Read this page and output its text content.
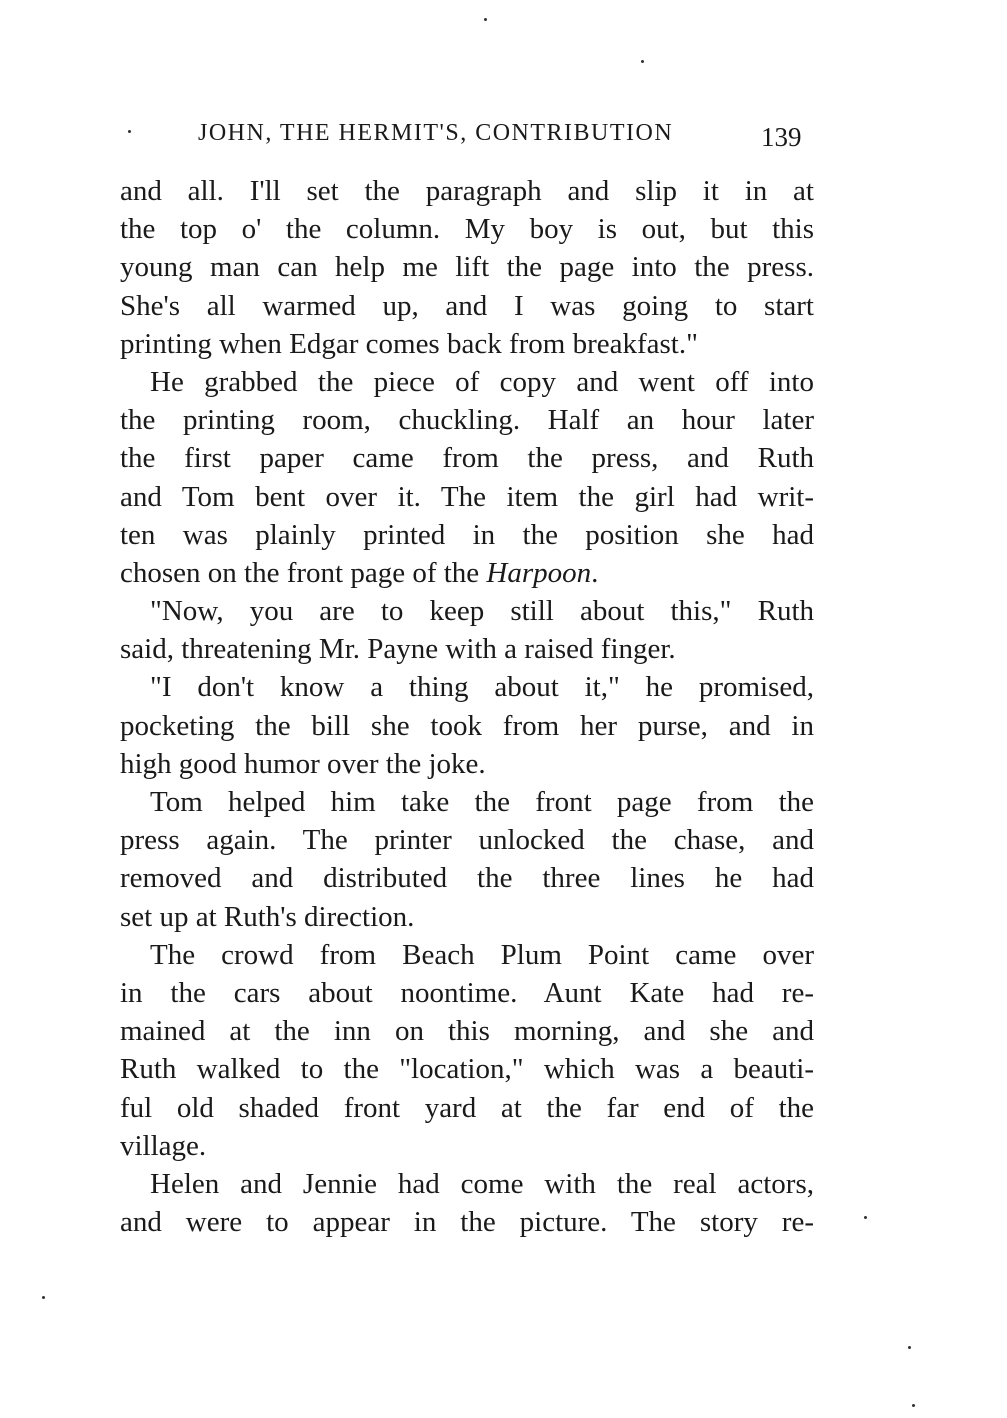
JOHN, THE HERMIT'S, CONTRIBUTION	139
and all. I'll set the paragraph and slip it in at
the top o' the column. My boy is out, but this
young man can help me lift the page into the press.
She's all warmed up, and I was going to start
printing when Edgar comes back from breakfast."
He grabbed the piece of copy and went off into
the printing room, chuckling. Half an hour later
the first paper came from the press, and Ruth
and Tom bent over it. The item the girl had writ-
ten was plainly printed in the position she had
chosen on the front page of the Harpoon.
"Now, you are to keep still about this," Ruth
said, threatening Mr. Payne with a raised finger.
"I don't know a thing about it," he promised,
pocketing the bill she took from her purse, and in
high good humor over the joke.
Tom helped him take the front page from the
press again. The printer unlocked the chase, and
removed and distributed the three lines he had
set up at Ruth's direction.
The crowd from Beach Plum Point came over
in the cars about noontime. Aunt Kate had re-
mained at the inn on this morning, and she and
Ruth walked to the "location," which was a beauti-
ful old shaded front yard at the far end of the
village.
Helen and Jennie had come with the real actors,
and were to appear in the picture. The story re-
